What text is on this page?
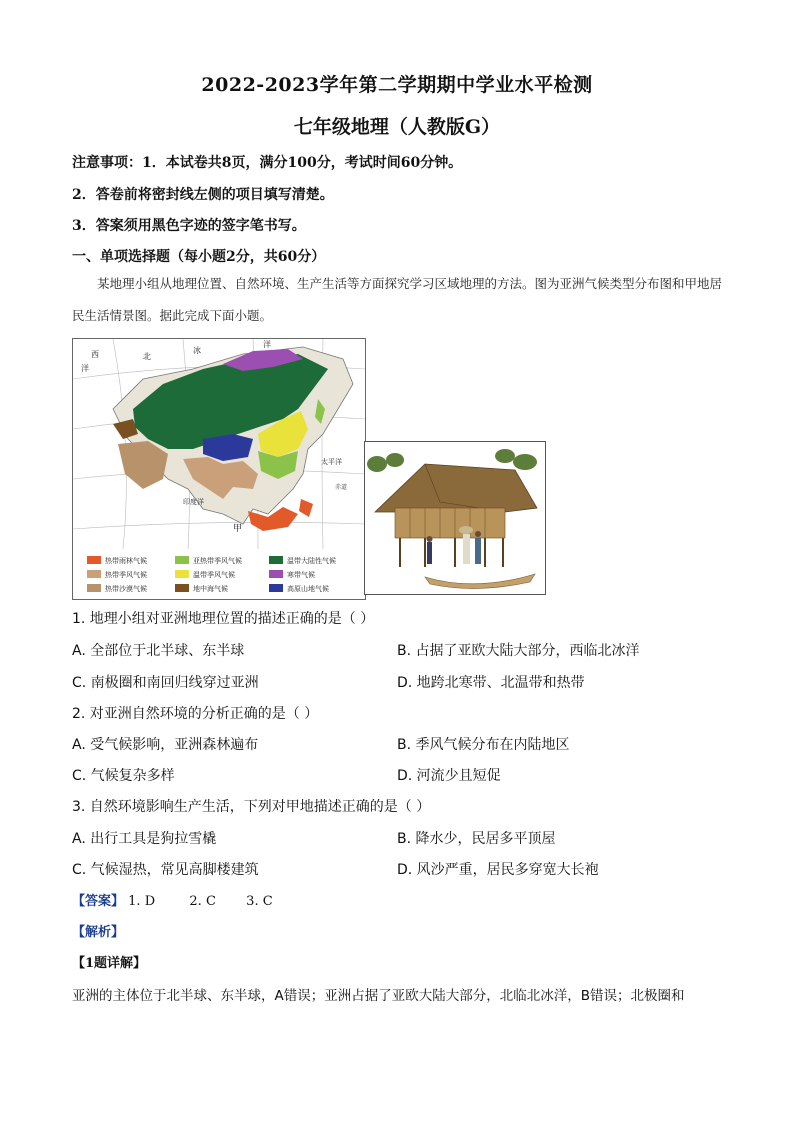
2022-2023学年第二学期期中学业水平检测
七年级地理（人教版G）
注意事项：1．本试卷共8页，满分100分，考试时间60分钟。
2．答卷前将密封线左侧的项目填写清楚。
3．答案须用黑色字迹的签字笔书写。
一、单项选择题（每小题2分，共60分）
某地理小组从地理位置、自然环境、生产生活等方面探究学习区域地理的方法。图为亚洲气候类型分布图和甲地居民生活情景图。据此完成下面小题。
西	北
洋
冰
洋
太平洋
印度洋
甲
赤道
热带雨林气候	亚热带季风气候	温带大陆性气候
热带季风气候	温带季风气候	寒带气候
热带沙漠气候	地中海气候	高原山地气候
1. 地理小组对亚洲地理位置的描述正确的是（ ）
A. 全部位于北半球、东半球	B. 占据了亚欧大陆大部分，西临北冰洋
C. 南极圈和南回归线穿过亚洲	D. 地跨北寒带、北温带和热带
2. 对亚洲自然环境的分析正确的是（ ）
A. 受气候影响，亚洲森林遍布	B. 季风气候分布在内陆地区
C. 气候复杂多样	D. 河流少且短促
3. 自然环境影响生产生活，下列对甲地描述正确的是（ ）
A. 出行工具是狗拉雪橇	B. 降水少，民居多平顶屋
C. 气候湿热，常见高脚楼建筑	D. 风沙严重，居民多穿宽大长袍
【答案】 1. D	2. C 3. C
【解析】
【1题详解】
亚洲的主体位于北半球、东半球，A错误；亚洲占据了亚欧大陆大部分，北临北冰洋，B错误；北极圈和
